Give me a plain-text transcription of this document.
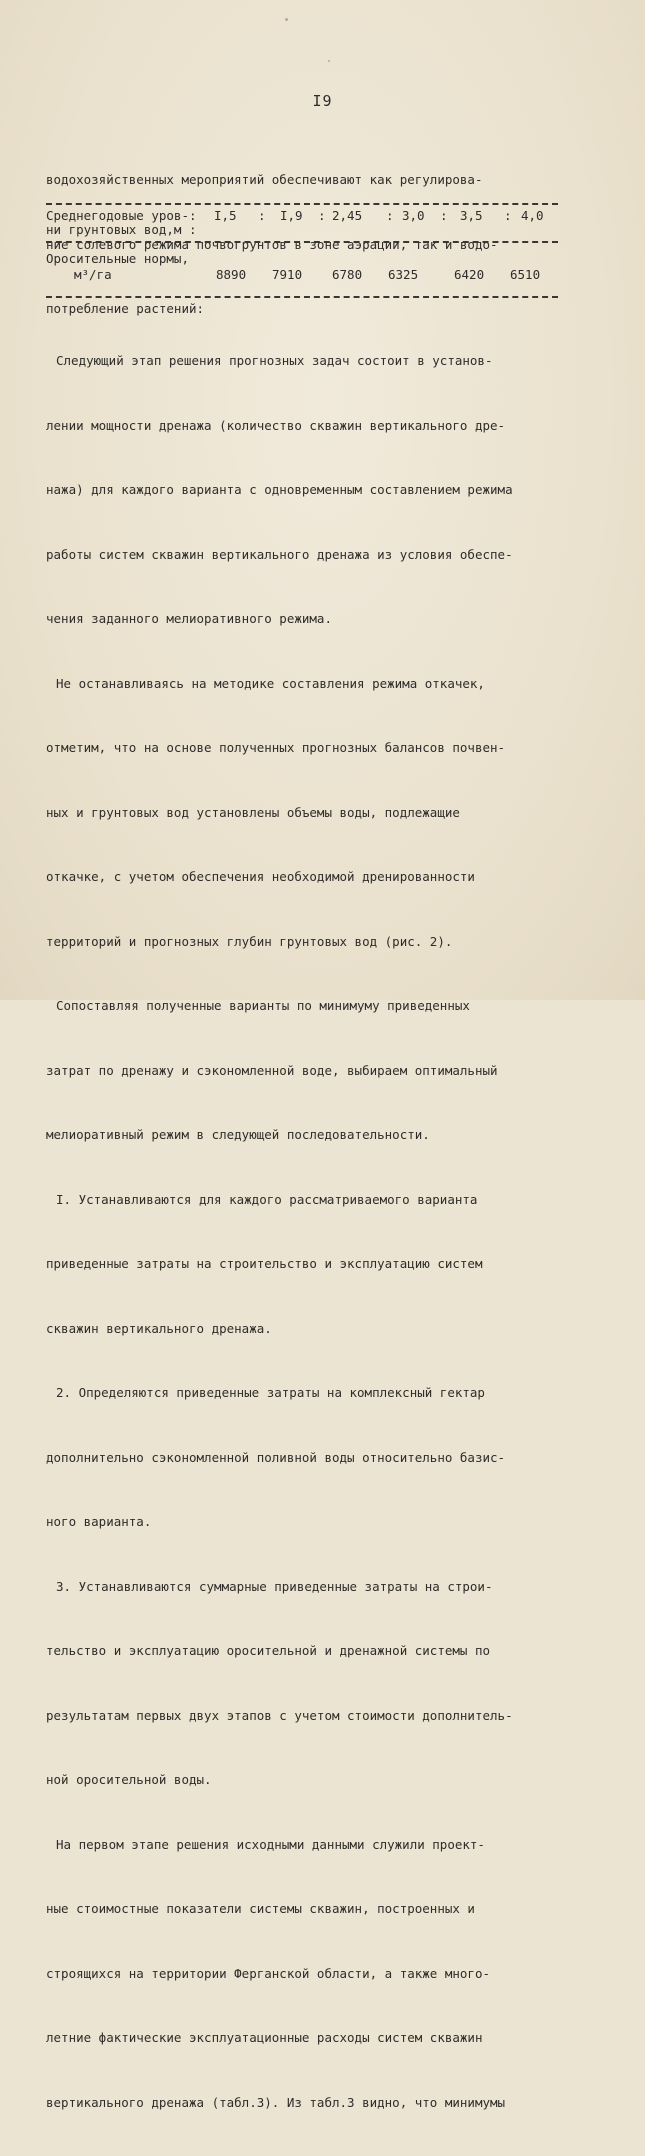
I9

водохозяйственных мероприятий обеспечивают как регулирова-

ние солевого режима почвогрунтов в зоне аэрации, так и водо-

потребление растений:

Среднегодовые уров-:

ни грунтовых вод,м :

I,5

:

I,9

:

2,45

:

3,0

:

3,5

:

4,0

Оросительные нормы,

м³/га

	8890

7910

6780

6325

	6420

6510

Следующий этап решения прогнозных задач состоит в установ-

лении мощности дренажа (количество скважин вертикального дре-

нажа) для каждого варианта с одновременным составлением режима

работы систем скважин вертикального дренажа из условия обеспе-

чения заданного мелиоративного режима.

Не останавливаясь на методике составления режима откачек,

отметим, что на основе полученных прогнозных балансов почвен-

ных и грунтовых вод установлены объемы воды, подлежащие

откачке, с учетом обеспечения необходимой дренированности

территорий и прогнозных глубин грунтовых вод (рис. 2).

Сопоставляя полученные варианты по минимуму приведенных

затрат по дренажу и сэкономленной воде, выбираем оптимальный

мелиоративный режим в следующей последовательности.

I. Устанавливаются для каждого рассматриваемого варианта

приведенные затраты на строительство и эксплуатацию систем

скважин вертикального дренажа.

2. Определяются приведенные затраты на комплексный гектар

дополнительно сэкономленной поливной воды относительно базис-

ного варианта.

3. Устанавливаются суммарные приведенные затраты на строи-

тельство и эксплуатацию оросительной и дренажной системы по

результатам первых двух этапов с учетом стоимости дополнитель-

ной оросительной воды.

На первом этапе решения исходными данными служили проект-

ные стоимостные показатели системы скважин, построенных и

строящихся на территории Ферганской области, а также много-

летние фактические эксплуатационные расходы систем скважин

вертикального дренажа (табл.3). Из табл.3 видно, что минимумы
